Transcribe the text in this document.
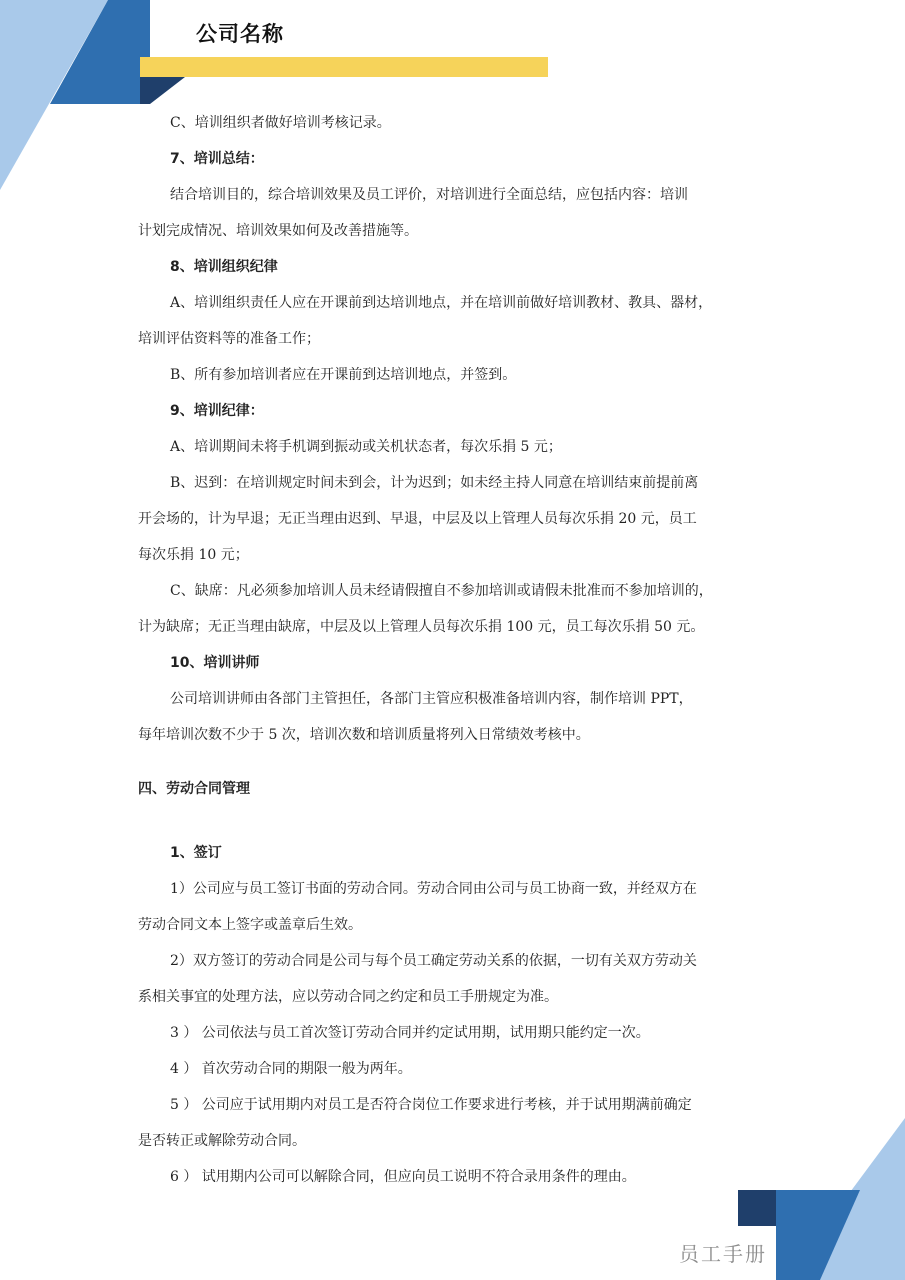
公司名称
C、培训组织者做好培训考核记录。
7、培训总结：
结合培训目的，综合培训效果及员工评价，对培训进行全面总结，应包括内容：培训
计划完成情况、培训效果如何及改善措施等。
8、培训组织纪律
A、培训组织责任人应在开课前到达培训地点，并在培训前做好培训教材、教具、器材，
培训评估资料等的准备工作；
B、所有参加培训者应在开课前到达培训地点，并签到。
9、培训纪律：
A、培训期间未将手机调到振动或关机状态者，每次乐捐 5 元；
B、迟到：在培训规定时间未到会，计为迟到；如未经主持人同意在培训结束前提前离
开会场的，计为早退；无正当理由迟到、早退，中层及以上管理人员每次乐捐 20 元，员工
每次乐捐 10 元；
C、缺席：凡必须参加培训人员未经请假擅自不参加培训或请假未批准而不参加培训的，
计为缺席；无正当理由缺席，中层及以上管理人员每次乐捐 100 元，员工每次乐捐 50 元。
10、培训讲师
公司培训讲师由各部门主管担任，各部门主管应积极准备培训内容，制作培训 PPT，
每年培训次数不少于 5 次，培训次数和培训质量将列入日常绩效考核中。
四、劳动合同管理
1、签订
1）公司应与员工签订书面的劳动合同。劳动合同由公司与员工协商一致，并经双方在
劳动合同文本上签字或盖章后生效。
2）双方签订的劳动合同是公司与每个员工确定劳动关系的依据，一切有关双方劳动关
系相关事宜的处理方法，应以劳动合同之约定和员工手册规定为准。
3 ） 公司依法与员工首次签订劳动合同并约定试用期，试用期只能约定一次。
4 ） 首次劳动合同的期限一般为两年。
5 ） 公司应于试用期内对员工是否符合岗位工作要求进行考核，并于试用期满前确定
是否转正或解除劳动合同。
6 ） 试用期内公司可以解除合同，但应向员工说明不符合录用条件的理由。
员工手册
